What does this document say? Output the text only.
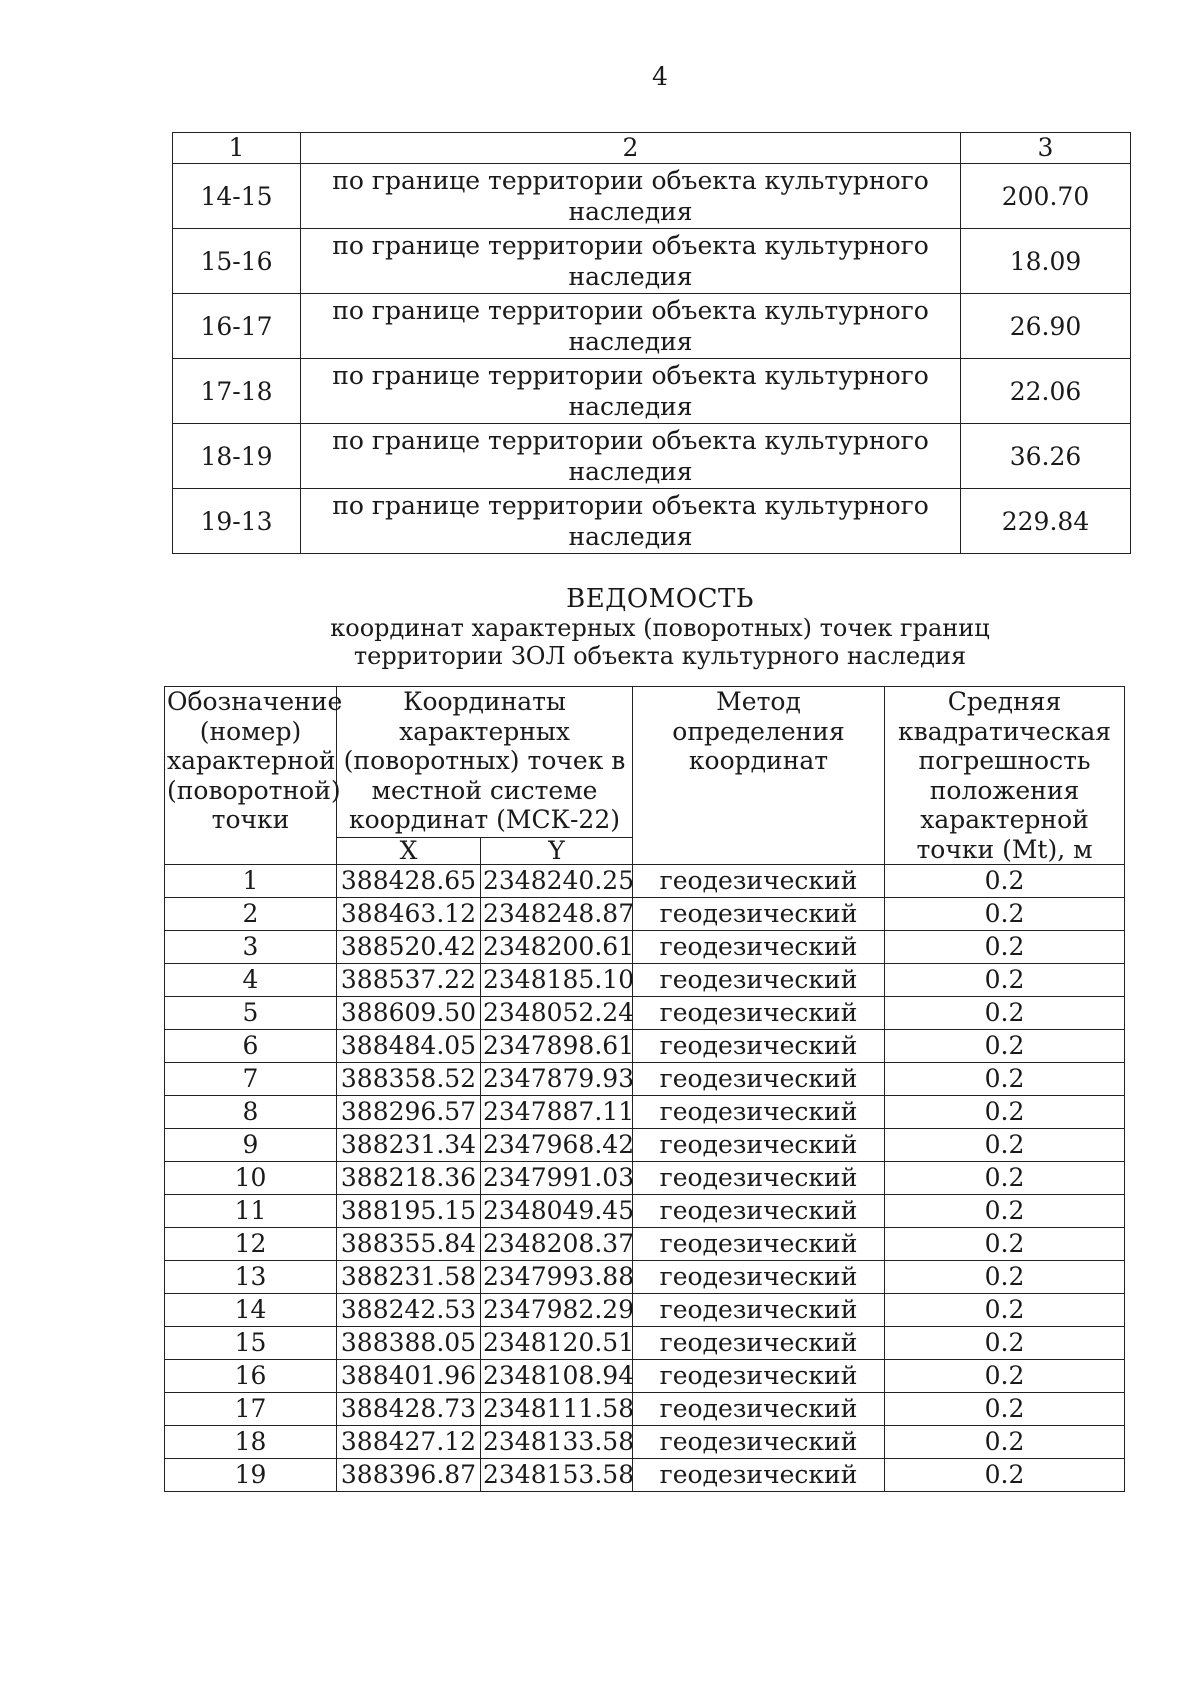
4
1	2	3
14-15	по границе территории объекта культурного наследия	200.70
15-16	по границе территории объекта культурного наследия	18.09
16-17	по границе территории объекта культурного наследия	26.90
17-18	по границе территории объекта культурного наследия	22.06
18-19	по границе территории объекта культурного наследия	36.26
19-13	по границе территории объекта культурного наследия	229.84
ВЕДОМОСТЬ
координат характерных (поворотных) точек границ
территории ЗОЛ объекта культурного наследия
Обозначение (номер) характерной (поворотной) точки	Координаты характерных (поворотных) точек в местной системе координат (МСК-22)		Метод определения координат	Средняя квадратическая погрешность положения характерной точки (Mt), м
	X	Y		
1	388428.65	2348240.25	геодезический	0.2
2	388463.12	2348248.87	геодезический	0.2
3	388520.42	2348200.61	геодезический	0.2
4	388537.22	2348185.10	геодезический	0.2
5	388609.50	2348052.24	геодезический	0.2
6	388484.05	2347898.61	геодезический	0.2
7	388358.52	2347879.93	геодезический	0.2
8	388296.57	2347887.11	геодезический	0.2
9	388231.34	2347968.42	геодезический	0.2
10	388218.36	2347991.03	геодезический	0.2
11	388195.15	2348049.45	геодезический	0.2
12	388355.84	2348208.37	геодезический	0.2
13	388231.58	2347993.88	геодезический	0.2
14	388242.53	2347982.29	геодезический	0.2
15	388388.05	2348120.51	геодезический	0.2
16	388401.96	2348108.94	геодезический	0.2
17	388428.73	2348111.58	геодезический	0.2
18	388427.12	2348133.58	геодезический	0.2
19	388396.87	2348153.58	геодезический	0.2
